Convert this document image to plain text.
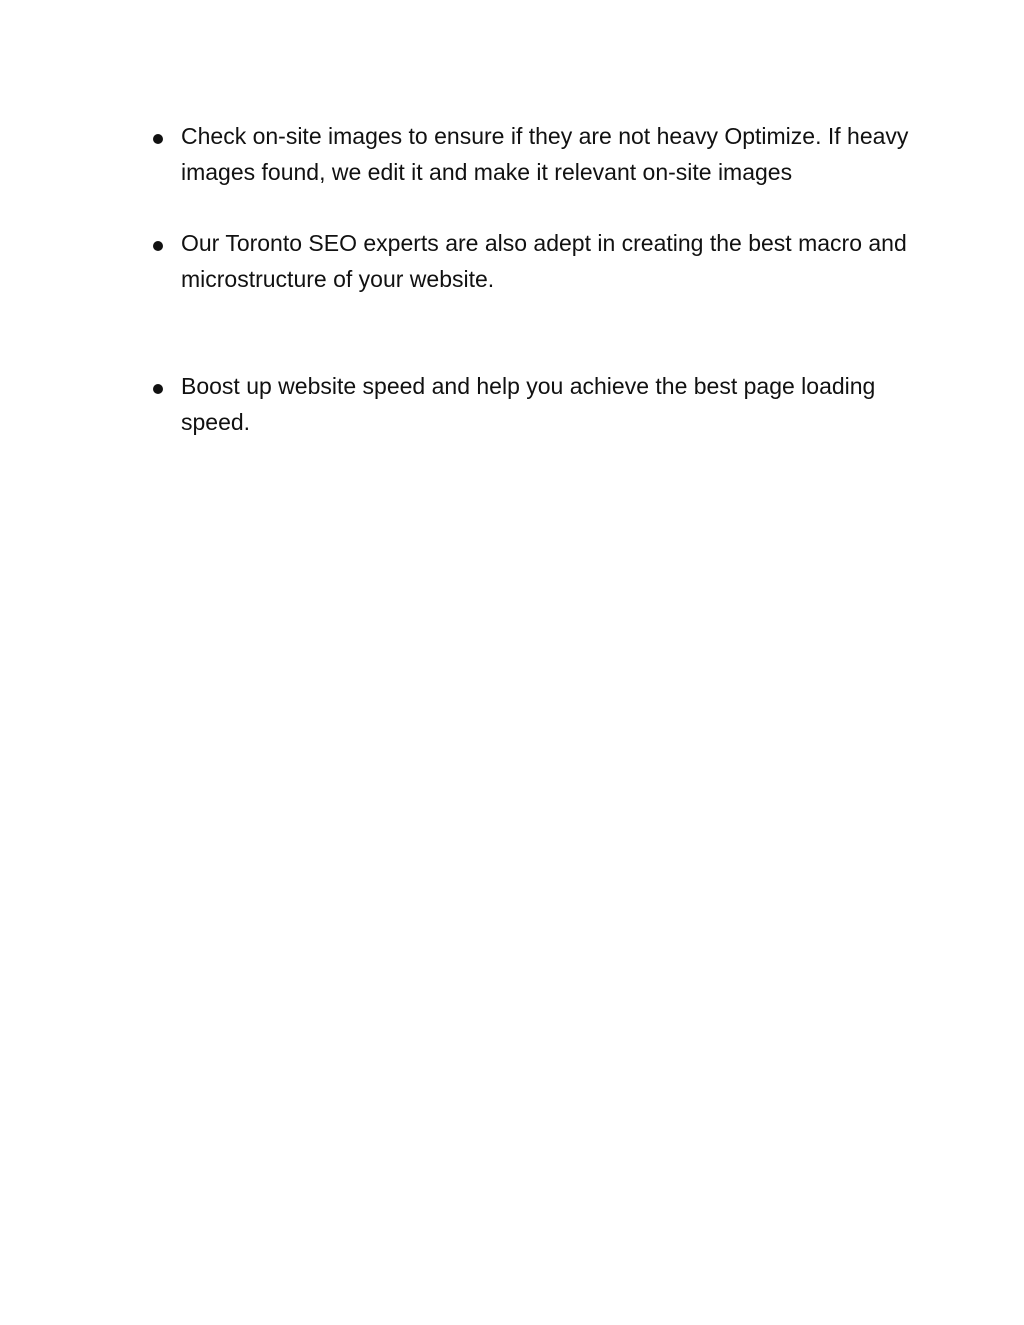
Check on-site images to ensure if they are not heavy Optimize. If heavy images found, we edit it and make it relevant on-site images
Our Toronto SEO experts are also adept in creating the best macro and microstructure of your website.
Boost up website speed and help you achieve the best page loading speed.
